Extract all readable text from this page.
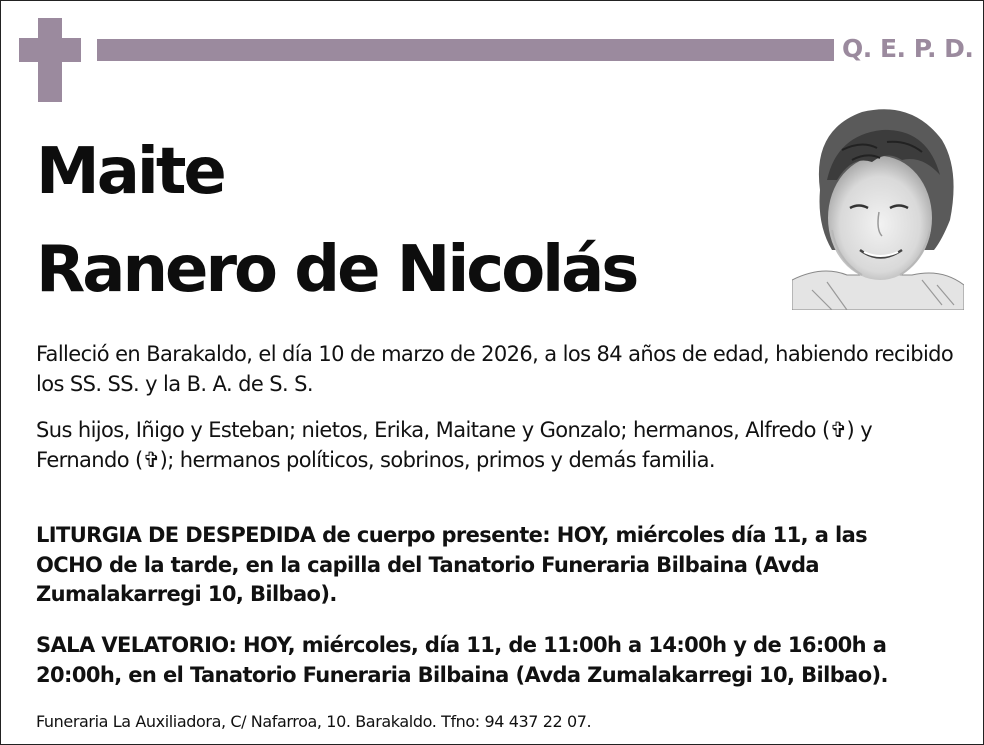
Q. E. P. D.
Maite
Ranero de Nicolás

Falleció en Barakaldo, el día 10 de marzo de 2026, a los 84 años de edad, habiendo recibido los SS. SS. y la B. A. de S. S.

Sus hijos, Iñigo y Esteban; nietos, Erika, Maitane y Gonzalo; hermanos, Alfredo (✞) y Fernando (✞); hermanos políticos, sobrinos, primos y demás familia.

LITURGIA DE DESPEDIDA de cuerpo presente: HOY, miércoles día 11, a las OCHO de la tarde, en la capilla del Tanatorio Funeraria Bilbaina (Avda Zumalakarregi 10, Bilbao).

SALA VELATORIO: HOY, miércoles, día 11, de 11:00h a 14:00h y de 16:00h a 20:00h, en el Tanatorio Funeraria Bilbaina (Avda Zumalakarregi 10, Bilbao).

Funeraria La Auxiliadora, C/ Nafarroa, 10. Barakaldo. Tfno: 94 437 22 07.
